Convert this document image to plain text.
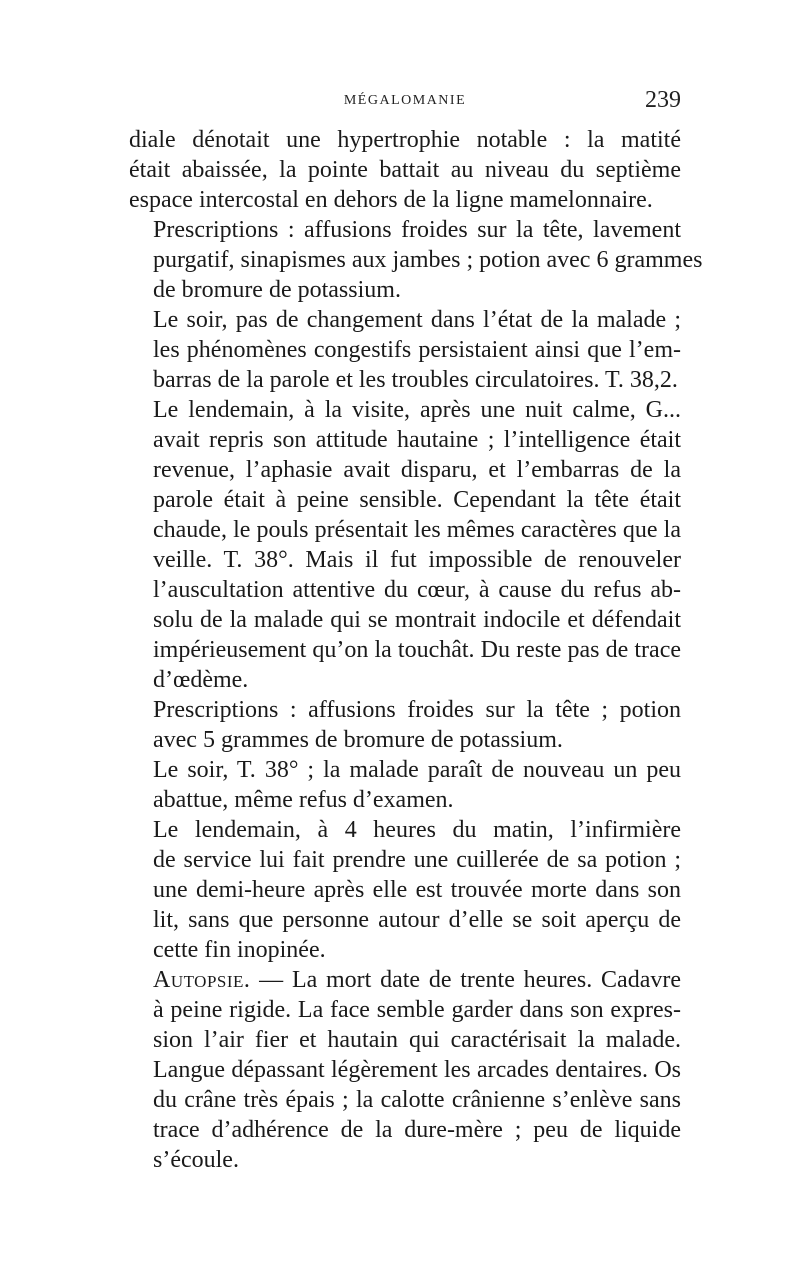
MÉGALOMANIE	239
diale dénotait une hypertrophie notable : la matité
était abaissée, la pointe battait au niveau du septième
espace intercostal en dehors de la ligne mamelonnaire.
Prescriptions : affusions froides sur la tête, lavement
purgatif, sinapismes aux jambes ; potion avec 6 grammes
de bromure de potassium.
Le soir, pas de changement dans l’état de la malade ;
les phénomènes congestifs persistaient ainsi que l’em-
barras de la parole et les troubles circulatoires. T. 38,2.
Le lendemain, à la visite, après une nuit calme, G...
avait repris son attitude hautaine ; l’intelligence était
revenue, l’aphasie avait disparu, et l’embarras de la
parole était à peine sensible. Cependant la tête était
chaude, le pouls présentait les mêmes caractères que la
veille. T. 38°. Mais il fut impossible de renouveler
l’auscultation attentive du cœur, à cause du refus ab-
solu de la malade qui se montrait indocile et défendait
impérieusement qu’on la touchât. Du reste pas de trace
d’œdème.
Prescriptions : affusions froides sur la tête ; potion
avec 5 grammes de bromure de potassium.
Le soir, T. 38° ; la malade paraît de nouveau un peu
abattue, même refus d’examen.
Le lendemain, à 4 heures du matin, l’infirmière
de service lui fait prendre une cuillerée de sa potion ;
une demi-heure après elle est trouvée morte dans son
lit, sans que personne autour d’elle se soit aperçu de
cette fin inopinée.
Autopsie. — La mort date de trente heures. Cadavre
à peine rigide. La face semble garder dans son expres-
sion l’air fier et hautain qui caractérisait la malade.
Langue dépassant légèrement les arcades dentaires. Os
du crâne très épais ; la calotte crânienne s’enlève sans
trace d’adhérence de la dure-mère ; peu de liquide
s’écoule.
